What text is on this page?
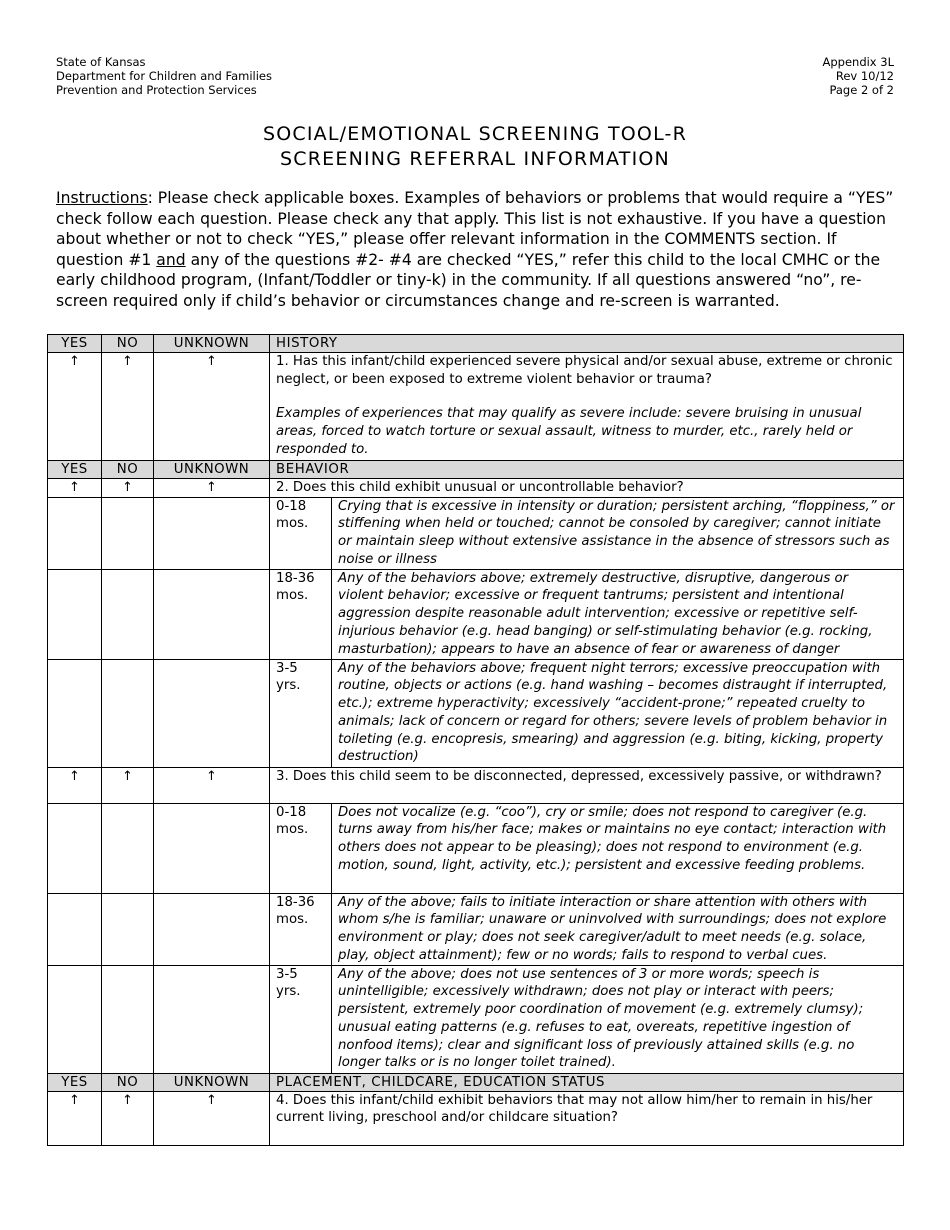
State of Kansas
Department for Children and Families
Prevention and Protection Services
Appendix 3L
Rev 10/12
Page 2 of 2
SOCIAL/EMOTIONAL SCREENING TOOL-R
SCREENING REFERRAL INFORMATION
Instructions: Please check applicable boxes. Examples of behaviors or problems that would require a “YES” check follow each question. Please check any that apply. This list is not exhaustive. If you have a question about whether or not to check “YES,” please offer relevant information in the COMMENTS section. If question #1 and any of the questions #2- #4 are checked “YES,” refer this child to the local CMHC or the early childhood program, (Infant/Toddler or tiny-k) in the community. If all questions answered “no”, re-screen required only if child’s behavior or circumstances change and re-screen is warranted.
YES	NO	UNKNOWN	HISTORY	
↑	↑	↑	1. Has this infant/child experienced severe physical and/or sexual abuse, extreme or chronic neglect, or been exposed to extreme violent behavior or trauma?
Examples of experiences that may qualify as severe include: severe bruising in unusual areas, forced to watch torture or sexual assault, witness to murder, etc., rarely held or responded to.	

YES	NO	UNKNOWN	BEHAVIOR	
↑	↑	↑	2. Does this child exhibit unusual or uncontrollable behavior?	
			0-18 mos.	Crying that is excessive in intensity or duration; persistent arching, “floppiness,” or stiffening when held or touched; cannot be consoled by caregiver; cannot initiate or maintain sleep without extensive assistance in the absence of stressors such as noise or illness
			18-36 mos.	Any of the behaviors above; extremely destructive, disruptive, dangerous or violent behavior; excessive or frequent tantrums; persistent and intentional aggression despite reasonable adult intervention; excessive or repetitive self-injurious behavior (e.g. head banging) or self-stimulating behavior (e.g. rocking, masturbation); appears to have an absence of fear or awareness of danger
			3-5 yrs.	Any of the behaviors above; frequent night terrors; excessive preoccupation with routine, objects or actions (e.g. hand washing – becomes distraught if interrupted, etc.); extreme hyperactivity; excessively “accident-prone;” repeated cruelty to animals; lack of concern or regard for others; severe levels of problem behavior in toileting (e.g. encopresis, smearing) and aggression (e.g. biting, kicking, property destruction)
↑	↑	↑	3. Does this child seem to be disconnected, depressed, excessively passive, or withdrawn?	
			0-18 mos.	Does not vocalize (e.g. “coo”), cry or smile; does not respond to caregiver (e.g. turns away from his/her face; makes or maintains no eye contact; interaction with others does not appear to be pleasing); does not respond to environment (e.g. motion, sound, light, activity, etc.); persistent and excessive feeding problems.
			18-36 mos.	Any of the above; fails to initiate interaction or share attention with others with whom s/he is familiar; unaware or uninvolved with surroundings; does not explore environment or play; does not seek caregiver/adult to meet needs (e.g. solace, play, object attainment); few or no words; fails to respond to verbal cues.
			3-5 yrs.	Any of the above; does not use sentences of 3 or more words; speech is unintelligible; excessively withdrawn; does not play or interact with peers; persistent, extremely poor coordination of movement (e.g. extremely clumsy); unusual eating patterns (e.g. refuses to eat, overeats, repetitive ingestion of nonfood items); clear and significant loss of previously attained skills (e.g. no longer talks or is no longer toilet trained).
YES	NO	UNKNOWN	PLACEMENT, CHILDCARE, EDUCATION STATUS	
↑	↑	↑	4. Does this infant/child exhibit behaviors that may not allow him/her to remain in his/her current living, preschool and/or childcare situation?	
